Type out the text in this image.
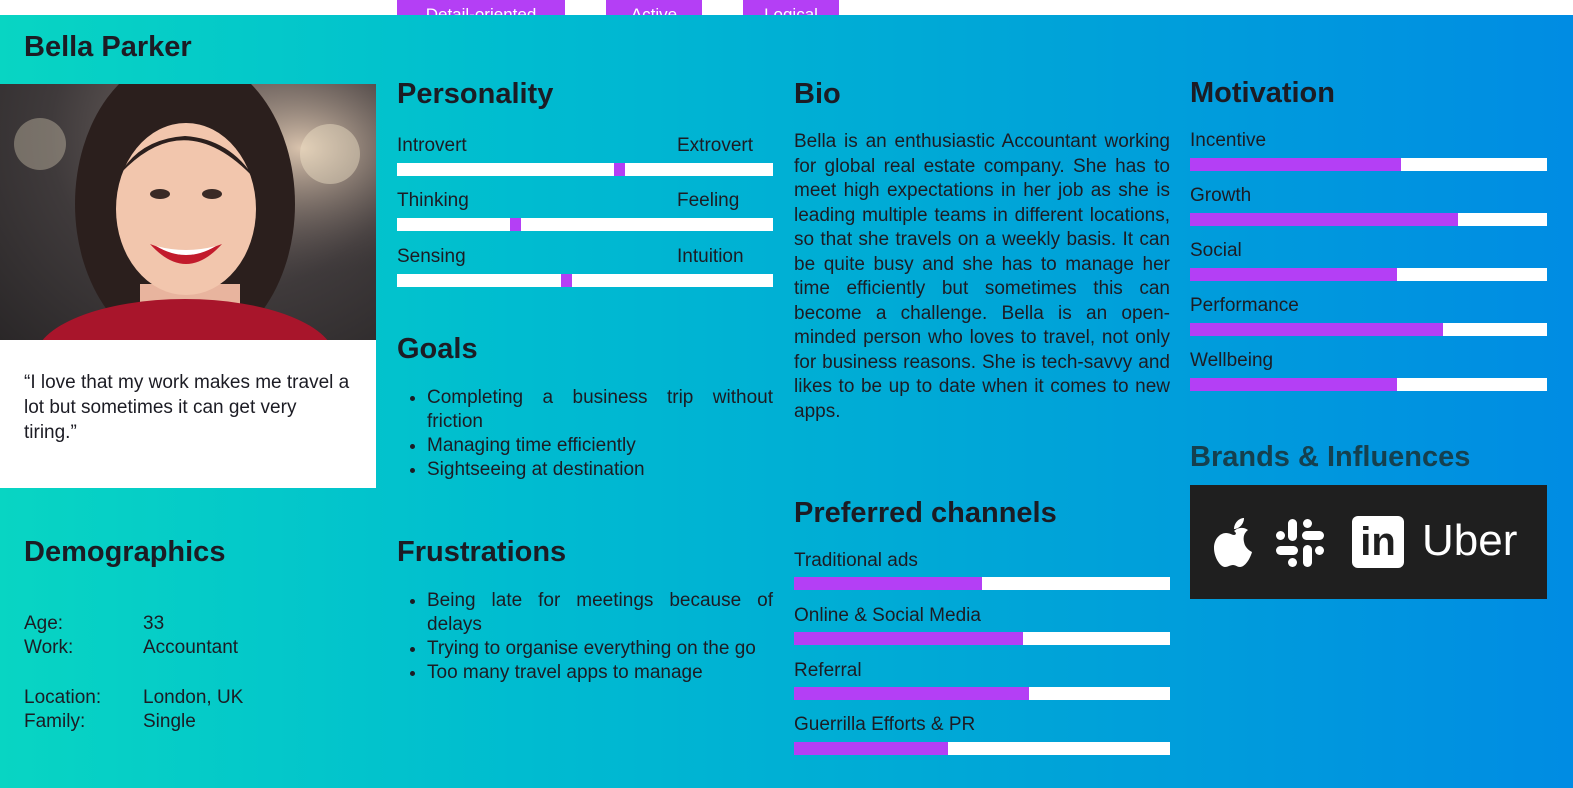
Bella Parker
“I love that my work makes me travel a lot but sometimes it can get very tiring.”
Demographics
Age:	33
Work:	Accountant
Location: London, UK
Family:	Single
Personality
Introvert	Extrovert
Thinking	Feeling
Sensing	Intuition
Goals
• Completing a business trip without friction
• Managing time efficiently
• Sightseeing at destination
Frustrations
• Being late for meetings because of delays
• Trying to organise everything on the go
• Too many travel apps to manage
Bio
Bella is an enthusiastic Accountant working for global real estate company. She has to meet high expectations in her job as she is leading multiple teams in different locations, so that she travels on a weekly basis. It can be quite busy and she has to manage her time efficiently but sometimes this can become a challenge. Bella is an open-minded person who loves to travel, not only for business reasons. She is tech-savvy and likes to be up to date when it comes to new apps.
Preferred channels
Traditional ads
Online & Social Media
Referral
Guerrilla Efforts & PR
Motivation
Incentive
Growth
Social
Performance
Wellbeing
Brands & Influences
in Uber
